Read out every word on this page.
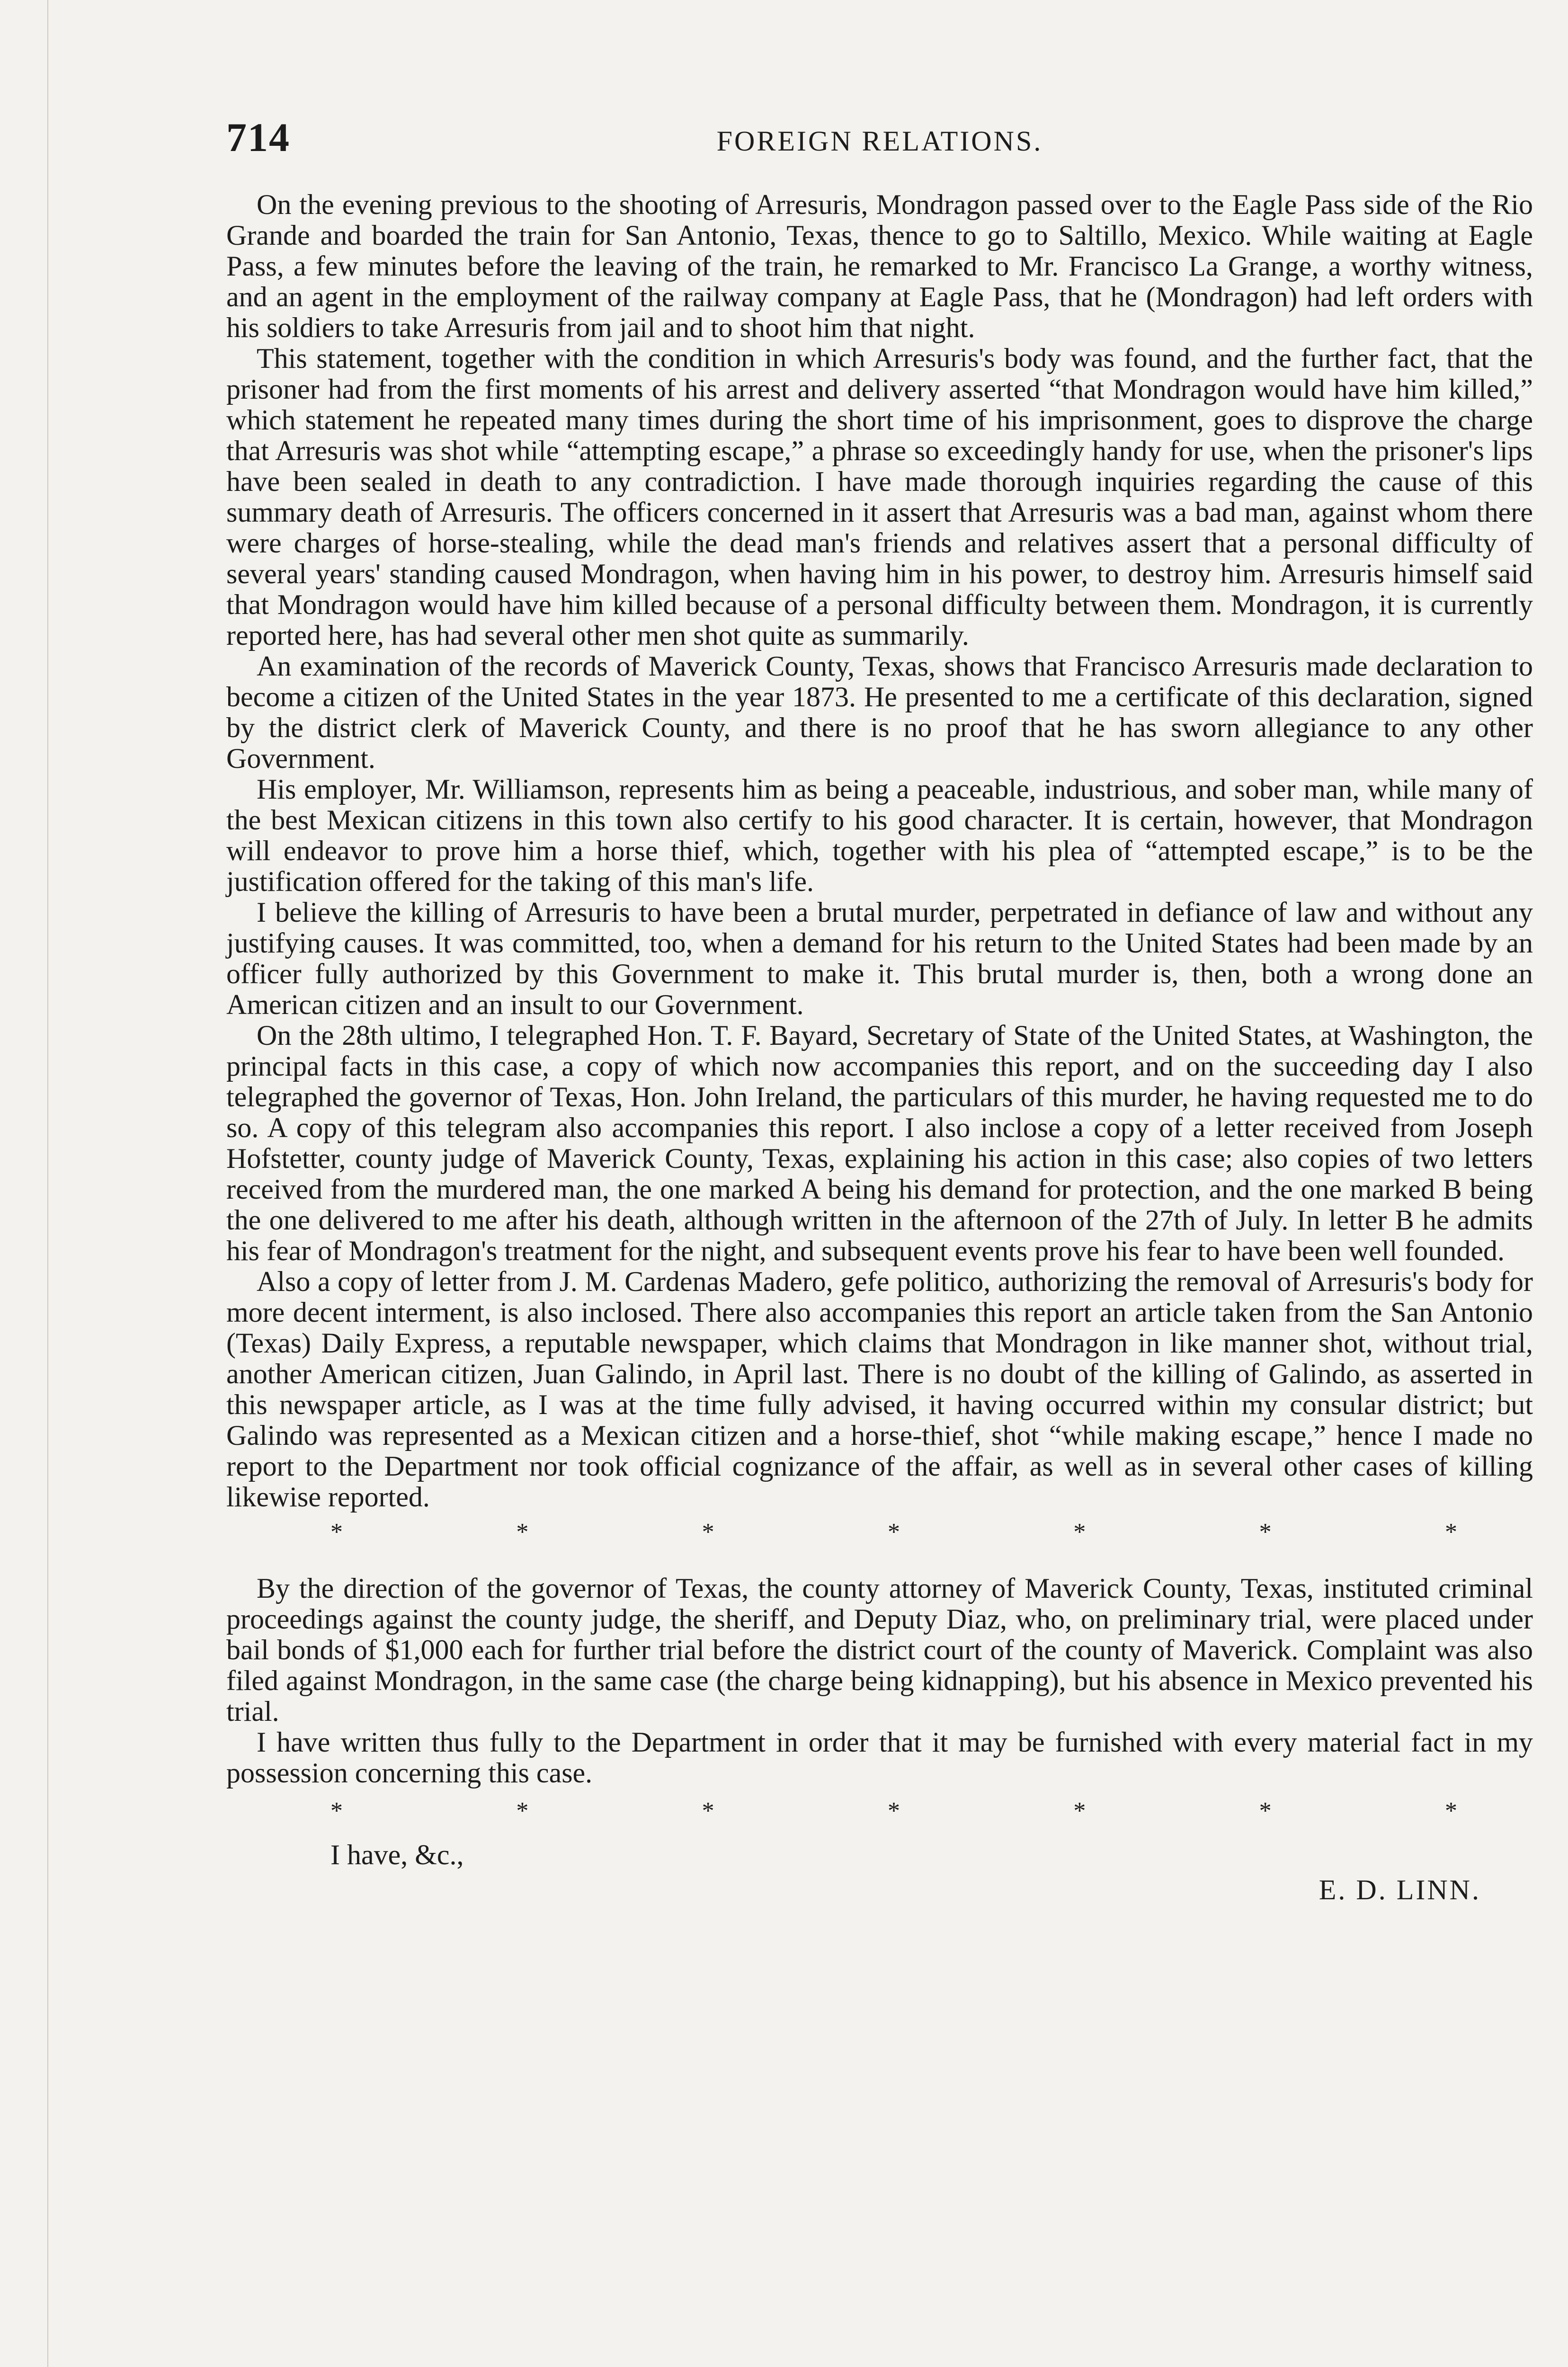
714	FOREIGN RELATIONS.

On the evening previous to the shooting of Arresuris, Mondragon passed over to the Eagle Pass side of the Rio Grande and boarded the train for San Antonio, Texas, thence to go to Saltillo, Mexico. While waiting at Eagle Pass, a few minutes before the leaving of the train, he remarked to Mr. Francisco La Grange, a worthy witness, and an agent in the employment of the railway company at Eagle Pass, that he (Mondragon) had left orders with his soldiers to take Arresuris from jail and to shoot him that night.

This statement, together with the condition in which Arresuris's body was found, and the further fact, that the prisoner had from the first moments of his arrest and delivery asserted “that Mondragon would have him killed,” which statement he repeated many times during the short time of his imprisonment, goes to disprove the charge that Arresuris was shot while “attempting escape,” a phrase so exceedingly handy for use, when the prisoner's lips have been sealed in death to any contradiction. I have made thorough inquiries regarding the cause of this summary death of Arresuris. The officers concerned in it assert that Arresuris was a bad man, against whom there were charges of horse-stealing, while the dead man's friends and relatives assert that a personal difficulty of several years' standing caused Mondragon, when having him in his power, to destroy him. Arresuris himself said that Mondragon would have him killed because of a personal difficulty between them. Mondragon, it is currently reported here, has had several other men shot quite as summarily.

An examination of the records of Maverick County, Texas, shows that Francisco Arresuris made declaration to become a citizen of the United States in the year 1873. He presented to me a certificate of this declaration, signed by the district clerk of Maverick County, and there is no proof that he has sworn allegiance to any other Government.

His employer, Mr. Williamson, represents him as being a peaceable, industrious, and sober man, while many of the best Mexican citizens in this town also certify to his good character. It is certain, however, that Mondragon will endeavor to prove him a horse thief, which, together with his plea of “attempted escape,” is to be the justification offered for the taking of this man's life.

I believe the killing of Arresuris to have been a brutal murder, perpetrated in defiance of law and without any justifying causes. It was committed, too, when a demand for his return to the United States had been made by an officer fully authorized by this Government to make it. This brutal murder is, then, both a wrong done an American citizen and an insult to our Government.

On the 28th ultimo, I telegraphed Hon. T. F. Bayard, Secretary of State of the United States, at Washington, the principal facts in this case, a copy of which now accompanies this report, and on the succeeding day I also telegraphed the governor of Texas, Hon. John Ireland, the particulars of this murder, he having requested me to do so. A copy of this telegram also accompanies this report. I also inclose a copy of a letter received from Joseph Hofstetter, county judge of Maverick County, Texas, explaining his action in this case; also copies of two letters received from the murdered man, the one marked A being his demand for protection, and the one marked B being the one delivered to me after his death, although written in the afternoon of the 27th of July. In letter B he admits his fear of Mondragon's treatment for the night, and subsequent events prove his fear to have been well founded.

Also a copy of letter from J. M. Cardenas Madero, gefe politico, authorizing the removal of Arresuris's body for more decent interment, is also inclosed. There also accompanies this report an article taken from the San Antonio (Texas) Daily Express, a reputable newspaper, which claims that Mondragon in like manner shot, without trial, another American citizen, Juan Galindo, in April last. There is no doubt of the killing of Galindo, as asserted in this newspaper article, as I was at the time fully advised, it having occurred within my consular district; but Galindo was represented as a Mexican citizen and a horse-thief, shot “while making escape,” hence I made no report to the Department nor took official cognizance of the affair, as well as in several other cases of killing likewise reported.

*	*	*	*	*	*	*

By the direction of the governor of Texas, the county attorney of Maverick County, Texas, instituted criminal proceedings against the county judge, the sheriff, and Deputy Diaz, who, on preliminary trial, were placed under bail bonds of $1,000 each for further trial before the district court of the county of Maverick. Complaint was also filed against Mondragon, in the same case (the charge being kidnapping), but his absence in Mexico prevented his trial.

I have written thus fully to the Department in order that it may be furnished with every material fact in my possession concerning this case.

*	*	*	*	*	*	*
I have, &c.,
E. D. LINN.
